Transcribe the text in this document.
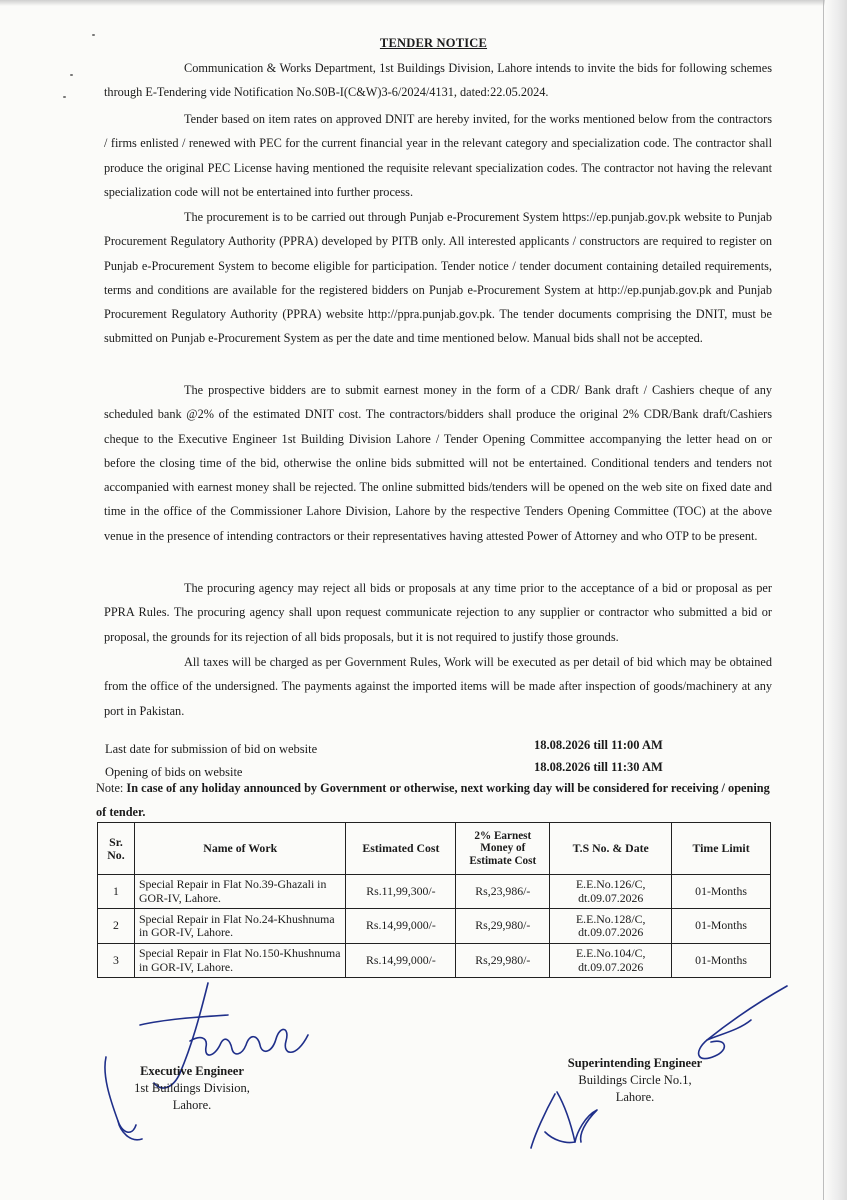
TENDER NOTICE

Communication & Works Department, 1st Buildings Division, Lahore intends to invite the bids for following schemes through E-Tendering vide Notification No.S0B-I(C&W)3-6/2024/4131, dated:22.05.2024.

Tender based on item rates on approved DNIT are hereby invited, for the works mentioned below from the contractors / firms enlisted / renewed with PEC for the current financial year in the relevant category and specialization code. The contractor shall produce the original PEC License having mentioned the requisite relevant specialization codes. The contractor not having the relevant specialization code will not be entertained into further process.

The procurement is to be carried out through Punjab e-Procurement System https://ep.punjab.gov.pk website to Punjab Procurement Regulatory Authority (PPRA) developed by PITB only. All interested applicants / constructors are required to register on Punjab e-Procurement System to become eligible for participation. Tender notice / tender document containing detailed requirements, terms and conditions are available for the registered bidders on Punjab e-Procurement System at http://ep.punjab.gov.pk and Punjab Procurement Regulatory Authority (PPRA) website http://ppra.punjab.gov.pk. The tender documents comprising the DNIT, must be submitted on Punjab e-Procurement System as per the date and time mentioned below. Manual bids shall not be accepted.

The prospective bidders are to submit earnest money in the form of a CDR/ Bank draft / Cashiers cheque of any scheduled bank @2% of the estimated DNIT cost. The contractors/bidders shall produce the original 2% CDR/Bank draft/Cashiers cheque to the Executive Engineer 1st Building Division Lahore / Tender Opening Committee accompanying the letter head on or before the closing time of the bid, otherwise the online bids submitted will not be entertained. Conditional tenders and tenders not accompanied with earnest money shall be rejected. The online submitted bids/tenders will be opened on the web site on fixed date and time in the office of the Commissioner Lahore Division, Lahore by the respective Tenders Opening Committee (TOC) at the above venue in the presence of intending contractors or their representatives having attested Power of Attorney and who OTP to be present.

The procuring agency may reject all bids or proposals at any time prior to the acceptance of a bid or proposal as per PPRA Rules. The procuring agency shall upon request communicate rejection to any supplier or contractor who submitted a bid or proposal, the grounds for its rejection of all bids proposals, but it is not required to justify those grounds.

All taxes will be charged as per Government Rules, Work will be executed as per detail of bid which may be obtained from the office of the undersigned. The payments against the imported items will be made after inspection of goods/machinery at any port in Pakistan.

Last date for submission of bid on website	18.08.2026 till 11:00 AM
Opening of bids on website	18.08.2026 till 11:30 AM

Note: In case of any holiday announced by Government or otherwise, next working day will be considered for receiving / opening of tender.

Sr. No.	Name of Work	Estimated Cost	2% Earnest Money of Estimate Cost	T.S No. & Date	Time Limit
1	Special Repair in Flat No.39-Ghazali in GOR-IV, Lahore.	Rs.11,99,300/-	Rs,23,986/-	E.E.No.126/C, dt.09.07.2026	01-Months
2	Special Repair in Flat No.24-Khushnuma in GOR-IV, Lahore.	Rs.14,99,000/-	Rs,29,980/-	E.E.No.128/C, dt.09.07.2026	01-Months
3	Special Repair in Flat No.150-Khushnuma in GOR-IV, Lahore.	Rs.14,99,000/-	Rs,29,980/-	E.E.No.104/C, dt.09.07.2026	01-Months
Executive Engineer
1st Buildings Division,
Lahore.
Superintending Engineer
Buildings Circle No.1,
Lahore.
